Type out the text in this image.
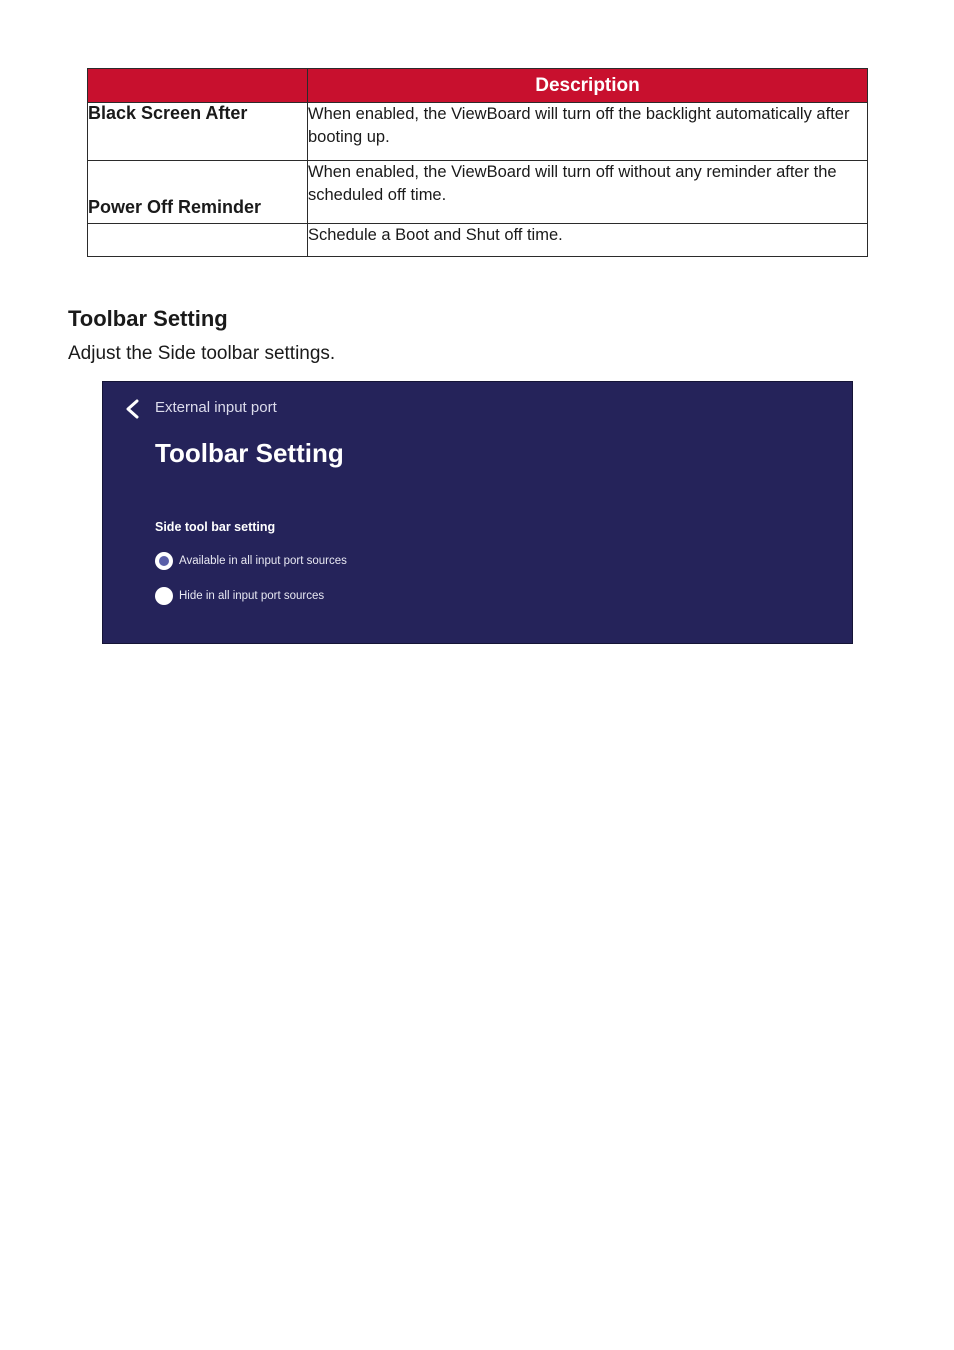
	Description
Black Screen After	When enabled, the ViewBoard will turn off the backlight automatically after booting up.
Power Off Reminder	When enabled, the ViewBoard will turn off without any reminder after the scheduled off time.
	Schedule a Boot and Shut off time.
Toolbar Setting

Adjust the Side toolbar settings.

External input port
Toolbar Setting
Side tool bar setting
Available in all input port sources
Hide in all input port sources
